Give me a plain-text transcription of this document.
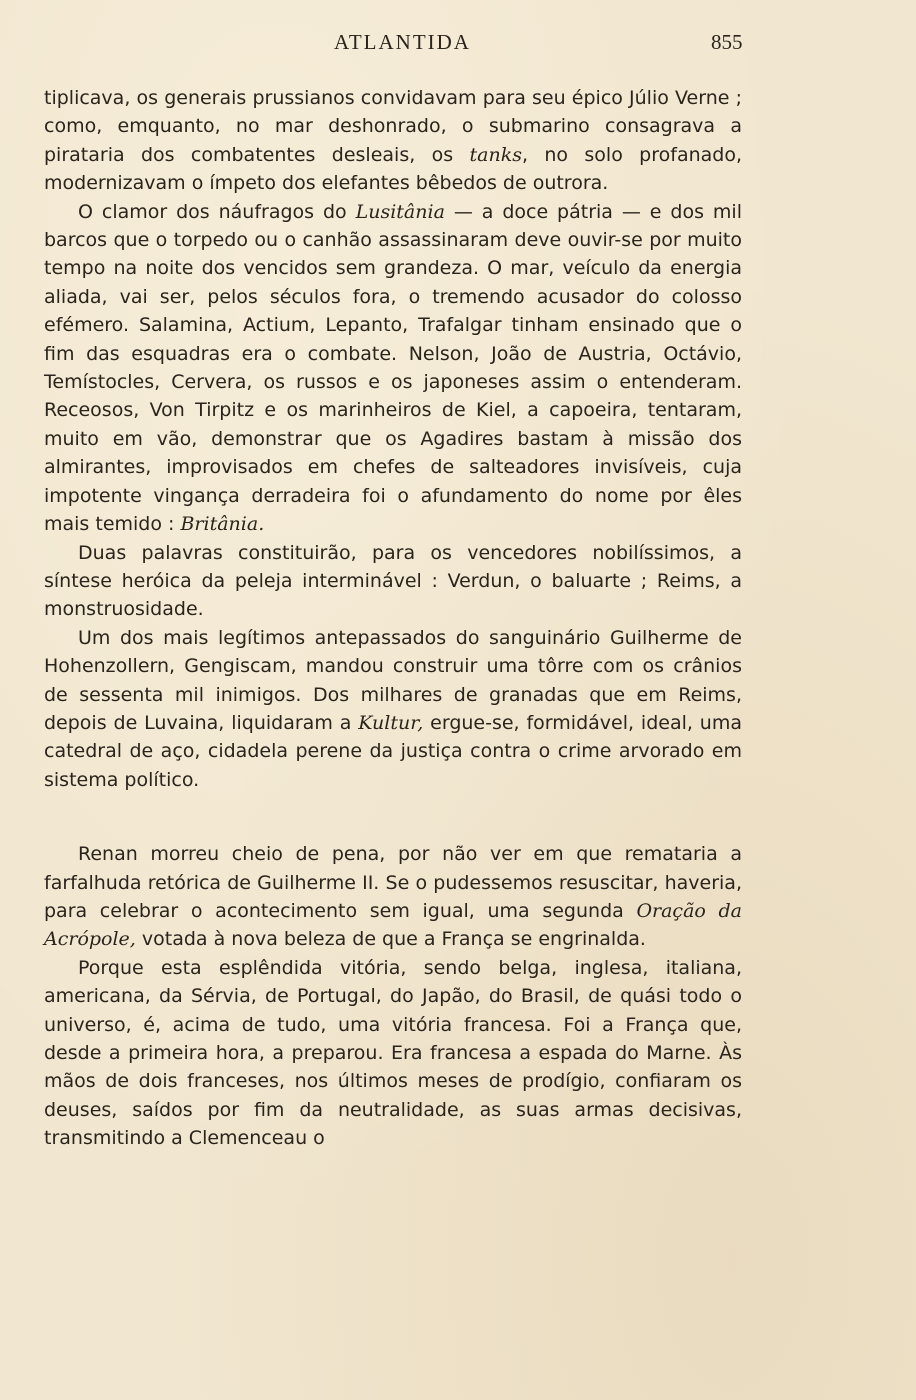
ATLANTIDA	855

tiplicava, os generais prussianos convidavam para seu épico Júlio Verne ; como, emquanto, no mar deshonrado, o submarino consagrava a pirataria dos combatentes desleais, os tanks, no solo profanado, modernizavam o ímpeto dos elefantes bêbedos de outrora.

O clamor dos náufragos do Lusitânia — a doce pátria — e dos mil barcos que o torpedo ou o canhão assassinaram deve ouvir-se por muito tempo na noite dos vencidos sem grandeza. O mar, veículo da energia aliada, vai ser, pelos séculos fora, o tremendo acusador do colosso efémero. Salamina, Actium, Lepanto, Trafalgar tinham ensinado que o fim das esquadras era o combate. Nelson, João de Austria, Octávio, Temístocles, Cervera, os russos e os japoneses assim o entenderam. Receosos, Von Tirpitz e os marinheiros de Kiel, a capoeira, tentaram, muito em vão, demonstrar que os Agadires bastam à missão dos almirantes, improvisados em chefes de salteadores invisíveis, cuja impotente vingança derradeira foi o afundamento do nome por êles mais temido : Britânia.

Duas palavras constituirão, para os vencedores nobilíssimos, a síntese heróica da peleja interminável : Verdun, o baluarte ; Reims, a monstruosidade.

Um dos mais legítimos antepassados do sanguinário Guilherme de Hohenzollern, Gengiscam, mandou construir uma tôrre com os crânios de sessenta mil inimigos. Dos milhares de granadas que em Reims, depois de Luvaina, liquidaram a Kultur, ergue-se, formidável, ideal, uma catedral de aço, cidadela perene da justiça contra o crime arvorado em sistema político.

Renan morreu cheio de pena, por não ver em que remataria a farfalhuda retórica de Guilherme II. Se o pudessemos resuscitar, haveria, para celebrar o acontecimento sem igual, uma segunda Oração da Acrópole, votada à nova beleza de que a França se engrinalda.

Porque esta esplêndida vitória, sendo belga, inglesa, italiana, americana, da Sérvia, de Portugal, do Japão, do Brasil, de quási todo o universo, é, acima de tudo, uma vitória francesa. Foi a França que, desde a primeira hora, a preparou. Era francesa a espada do Marne. Às mãos de dois franceses, nos últimos meses de prodígio, confiaram os deuses, saídos por fim da neutralidade, as suas armas decisivas, transmitindo a Clemenceau o
